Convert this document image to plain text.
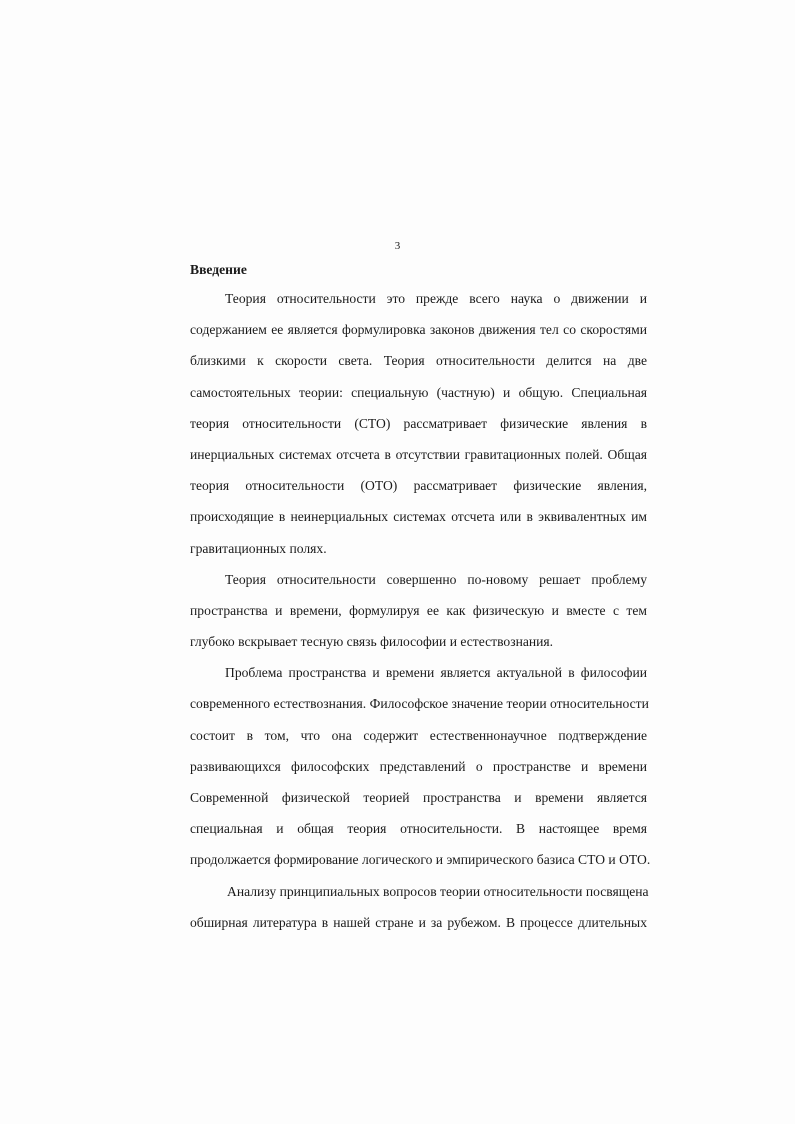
3
Введение
Теория относительности это прежде всего наука о движении и
содержанием ее является формулировка законов движения тел со скоростями
близкими к скорости света. Теория относительности делится на две
самостоятельных теории: специальную (частную) и общую. Специальная
теория относительности (СТО) рассматривает физические явления в
инерциальных системах отсчета в отсутствии гравитационных полей. Общая
теория относительности (ОТО) рассматривает физические явления,
происходящие в неинерциальных системах отсчета или в эквивалентных им
гравитационных полях.
Теория относительности совершенно по-новому решает проблему
пространства и времени, формулируя ее как физическую и вместе с тем
глубоко вскрывает тесную связь философии и естествознания.
Проблема пространства и времени является актуальной в философии
современного естествознания. Философское значение теории относительности
состоит в том, что она содержит естественнонаучное подтверждение
развивающихся философских представлений о пространстве и времени
Современной физической теорией пространства и времени является
специальная и общая теория относительности. В настоящее время
продолжается формирование логического и эмпирического базиса СТО и ОТО.
Анализу принципиальных вопросов теории относительности посвящена
обширная литература в нашей стране и за рубежом. В процессе длительных
